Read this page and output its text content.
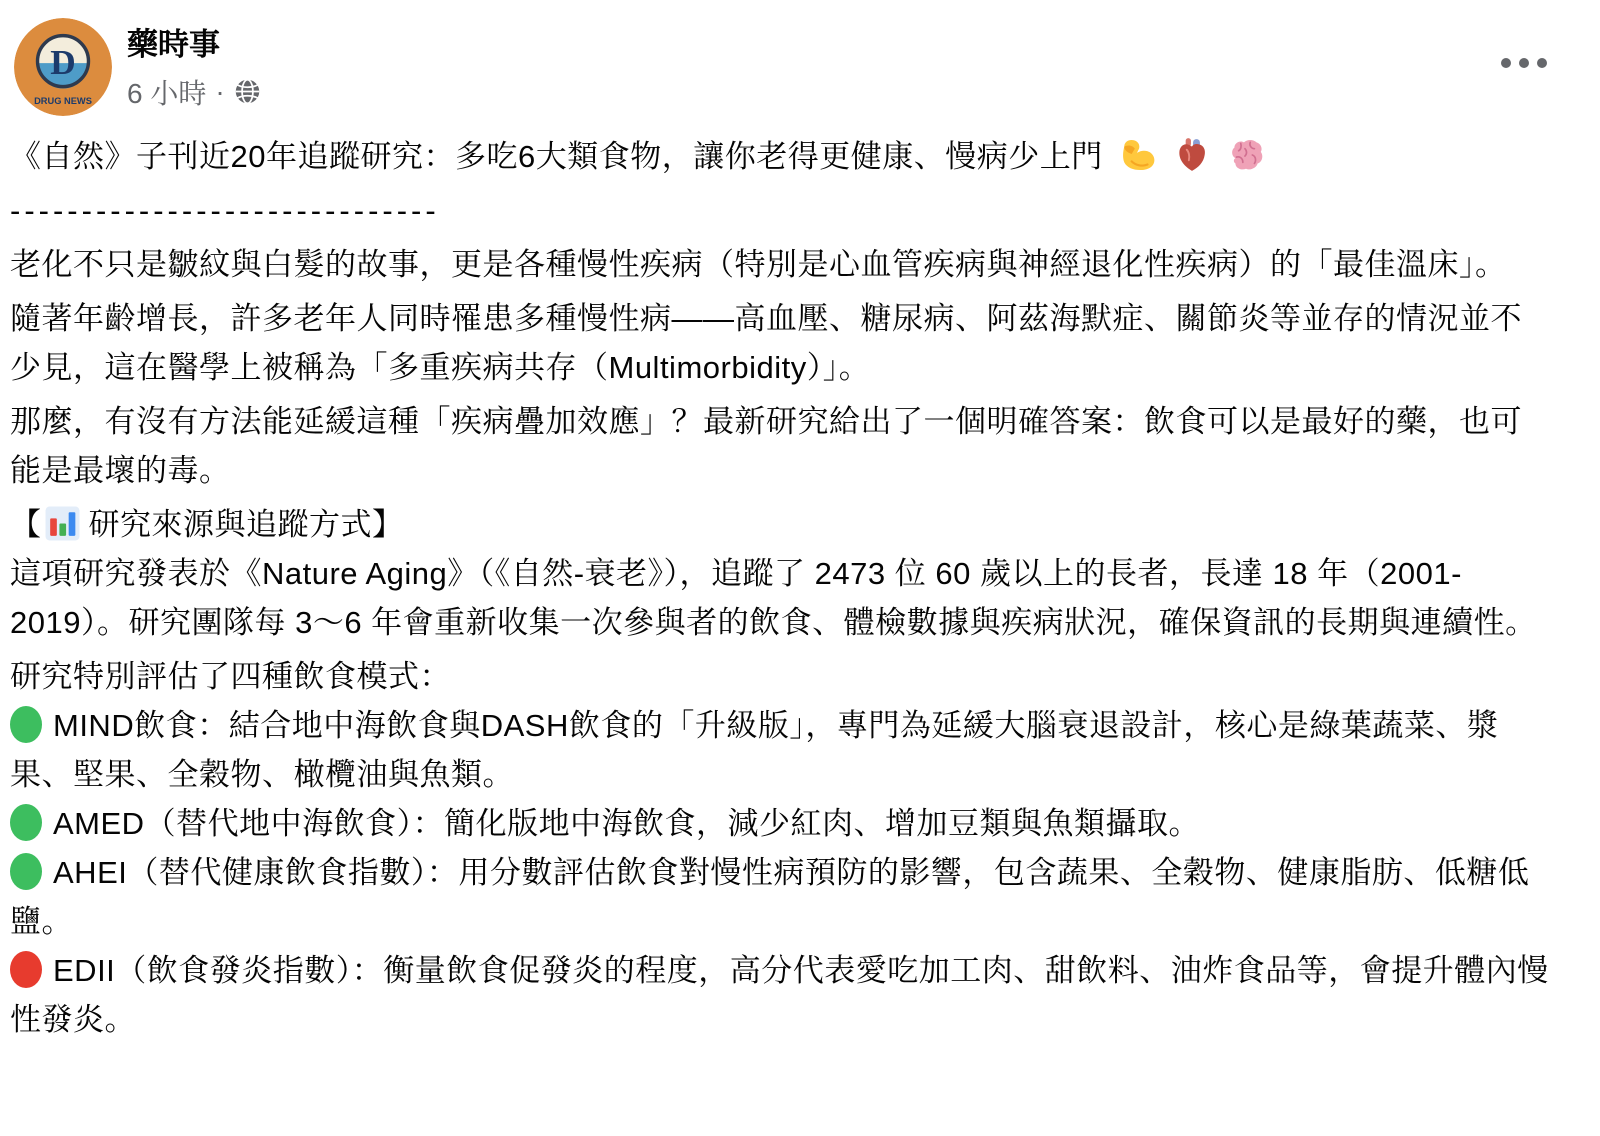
D
DRUG NEWS
藥時事
6 小時 ·
《自然》子刊近20年追蹤研究：多吃6大類食物，讓你老得更健康、慢病少上門
------------------------------
老化不只是皺紋與白髮的故事，更是各種慢性疾病（特別是心血管疾病與神經退化性疾病）的「最佳溫床」。
隨著年齡增長，許多老年人同時罹患多種慢性病——高血壓、糖尿病、阿茲海默症、關節炎等並存的情況並不少見，這在醫學上被稱為「多重疾病共存（Multimorbidity）」。
那麼，有沒有方法能延緩這種「疾病疊加效應」？最新研究給出了一個明確答案：飲食可以是最好的藥，也可能是最壞的毒。
【 研究來源與追蹤方式】
這項研究發表於《Nature Aging》（《自然-衰老》），追蹤了 2473 位 60 歲以上的長者，長達 18 年（2001-2019）。研究團隊每 3～6 年會重新收集一次參與者的飲食、體檢數據與疾病狀況，確保資訊的長期與連續性。
研究特別評估了四種飲食模式：
MIND飲食：結合地中海飲食與DASH飲食的「升級版」，專門為延緩大腦衰退設計，核心是綠葉蔬菜、漿果、堅果、全穀物、橄欖油與魚類。
AMED（替代地中海飲食）：簡化版地中海飲食，減少紅肉、增加豆類與魚類攝取。
AHEI（替代健康飲食指數）：用分數評估飲食對慢性病預防的影響，包含蔬果、全穀物、健康脂肪、低糖低鹽。
EDII（飲食發炎指數）：衡量飲食促發炎的程度，高分代表愛吃加工肉、甜飲料、油炸食品等，會提升體內慢性發炎。
